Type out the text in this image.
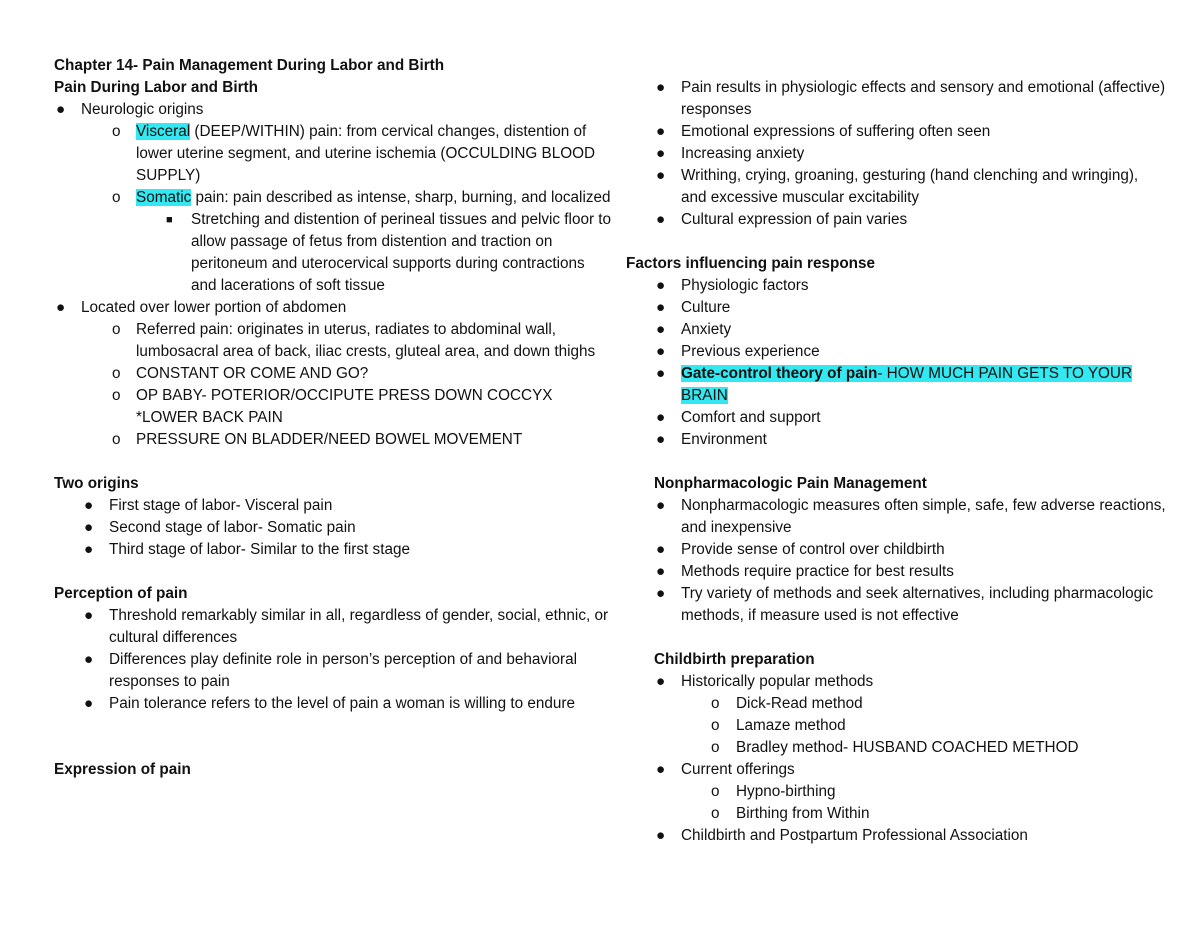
Chapter 14- Pain Management During Labor and Birth
Pain During Labor and Birth
● Neurologic origins
o Visceral (DEEP/WITHIN) pain: from cervical changes, distention of lower uterine segment, and uterine ischemia (OCCULDING BLOOD SUPPLY)
o Somatic pain: pain described as intense, sharp, burning, and localized
■ Stretching and distention of perineal tissues and pelvic floor to allow passage of fetus from distention and traction on peritoneum and uterocervical supports during contractions and lacerations of soft tissue
● Located over lower portion of abdomen
o Referred pain: originates in uterus, radiates to abdominal wall, lumbosacral area of back, iliac crests, gluteal area, and down thighs
o CONSTANT OR COME AND GO?
o OP BABY- POTERIOR/OCCIPUTE PRESS DOWN COCCYX *LOWER BACK PAIN
o PRESSURE ON BLADDER/NEED BOWEL MOVEMENT
Two origins
● First stage of labor- Visceral pain
● Second stage of labor- Somatic pain
● Third stage of labor- Similar to the first stage
Perception of pain
● Threshold remarkably similar in all, regardless of gender, social, ethnic, or cultural differences
● Differences play definite role in person’s perception of and behavioral responses to pain
● Pain tolerance refers to the level of pain a woman is willing to endure
Expression of pain
● Pain results in physiologic effects and sensory and emotional (affective) responses
● Emotional expressions of suffering often seen
● Increasing anxiety
● Writhing, crying, groaning, gesturing (hand clenching and wringing), and excessive muscular excitability
● Cultural expression of pain varies
Factors influencing pain response
● Physiologic factors
● Culture
● Anxiety
● Previous experience
● Gate-control theory of pain- HOW MUCH PAIN GETS TO YOUR BRAIN
● Comfort and support
● Environment
Nonpharmacologic Pain Management
● Nonpharmacologic measures often simple, safe, few adverse reactions, and inexpensive
● Provide sense of control over childbirth
● Methods require practice for best results
● Try variety of methods and seek alternatives, including pharmacologic methods, if measure used is not effective
Childbirth preparation
● Historically popular methods
o Dick-Read method
o Lamaze method
o Bradley method- HUSBAND COACHED METHOD
● Current offerings
o Hypno-birthing
o Birthing from Within
● Childbirth and Postpartum Professional Association
